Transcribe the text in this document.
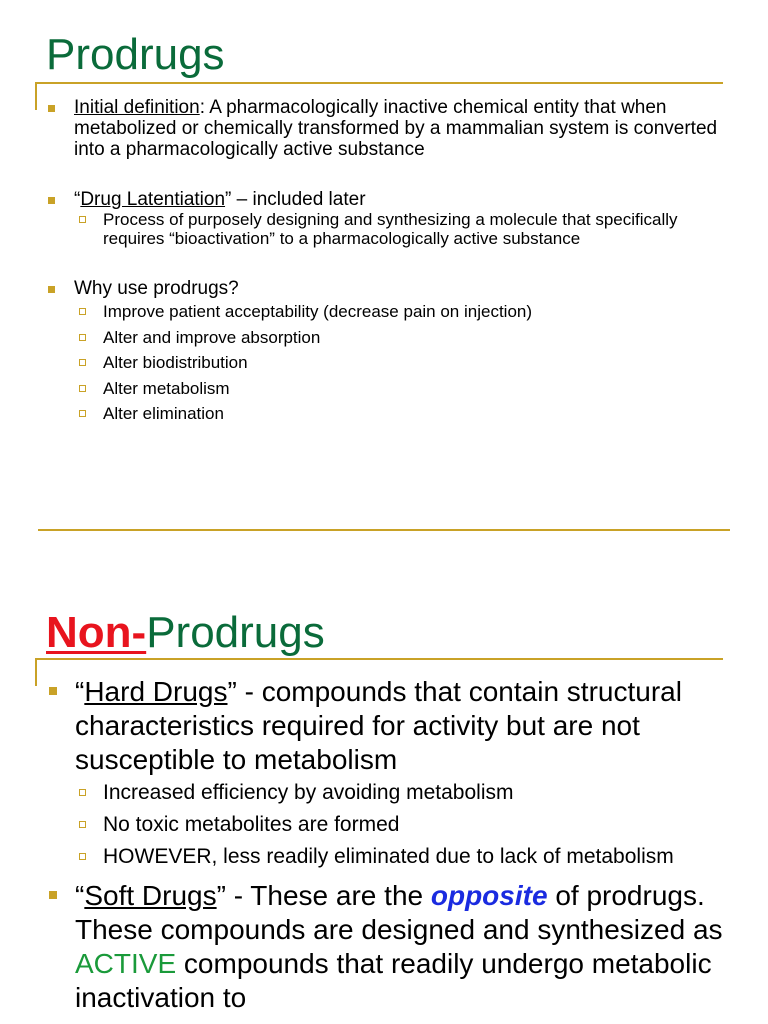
Prodrugs
Initial definition: A pharmacologically inactive chemical entity that when metabolized or chemically transformed by a mammalian system is converted into a pharmacologically active substance
“Drug Latentiation” – included later
Process of purposely designing and synthesizing a molecule that specifically requires “bioactivation” to a pharmacologically active substance
Why use prodrugs?
Improve patient acceptability (decrease pain on injection)
Alter and improve absorption
Alter biodistribution
Alter metabolism
Alter elimination
Non-Prodrugs
“Hard Drugs” - compounds that contain structural characteristics required for activity but are not susceptible to metabolism
Increased efficiency by avoiding metabolism
No toxic metabolites are formed
HOWEVER, less readily eliminated due to lack of metabolism
“Soft Drugs” - These are the opposite of prodrugs. These compounds are designed and synthesized as ACTIVE compounds that readily undergo metabolic inactivation to
